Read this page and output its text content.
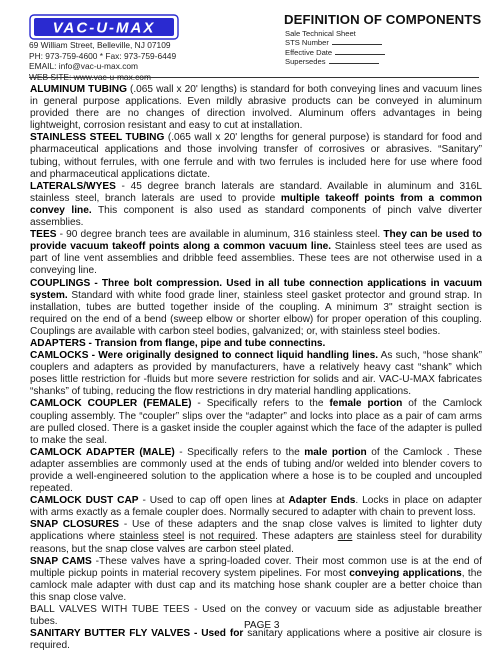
VAC-U-MAX
69 William Street, Belleville, NJ 07109
PH: 973-759-4600 * Fax: 973-759-6449
EMAIL: info@vac-u-max.com
WEB SITE: www.vac-u-max.com
DEFINITION OF COMPONENTS
Sale Technical Sheet
STS Number
Effective Date
Supersedes

ALUMINUM TUBING (.065 wall x 20' lengths) is standard for both conveying lines and vacuum lines in general purpose applications. Even mildly abrasive products can be conveyed in aluminum provided there are no changes of direction involved. Aluminum offers advantages in being lightweight, corrosion resistant and easy to cut at installation.

STAINLESS STEEL TUBING (.065 wall x 20' lengths for general purpose) is standard for food and pharmaceutical applications and those involving transfer of corrosives or abrasives. “Sanitary” tubing, without ferrules, with one ferrule and with two ferrules is included here for use where food and pharmaceutical applications dictate.

LATERALS/WYES - 45 degree branch laterals are standard. Available in aluminum and 316L stainless steel, branch laterals are used to provide multiple takeoff points from a common convey line. This component is also used as standard components of pinch valve diverter assemblies.

TEES - 90 degree branch tees are available in aluminum, 316 stainless steel. They can be used to provide vacuum takeoff points along a common vacuum line. Stainless steel tees are used as part of line vent assemblies and dribble feed assemblies. These tees are not otherwise used in a conveying line.

COUPLINGS - Three bolt compression. Used in all tube connection applications in vacuum system. Standard with white food grade liner, stainless steel gasket protector and ground strap. In installation, tubes are butted together inside of the coupling. A minimum 3" straight section is required on the end of a bend (sweep elbow or shorter elbow) for proper operation of this coupling. Couplings are available with carbon steel bodies, galvanized; or, with stainless steel bodies.

ADAPTERS - Transion from flange, pipe and tube connectins.

CAMLOCKS - Were originally designed to connect liquid handling lines. As such, “hose shank” couplers and adapters as provided by manufacturers, have a relatively heavy cast “shank” which poses little restriction for -fluids but more severe restriction for solids and air. VAC-U-MAX fabricates “shanks” of tubing, reducing the flow restrictions in dry material handling applications.

CAMLOCK COUPLER (FEMALE) - Specifically refers to the female portion of the Camlock coupling assembly. The “coupler” slips over the “adapter” and locks into place as a pair of cam arms are pulled closed. There is a gasket inside the coupler against which the face of the adapter is pulled to make the seal.

CAMLOCK ADAPTER (MALE) - Specifically refers to the male portion of the Camlock . These adapter assemblies are commonly used at the ends of tubing and/or welded into blender covers to provide a well-engineered solution to the application where a hose is to be coupled and uncoupled repeated.

CAMLOCK DUST CAP - Used to cap off open lines at Adapter Ends. Locks in place on adapter with arms exactly as a female coupler does. Normally secured to adapter with chain to prevent loss.

SNAP CLOSURES - Use of these adapters and the snap close valves is limited to lighter duty applications where stainless steel is not required. These adapters are stainless steel for durability reasons, but the snap close valves are carbon steel plated.

SNAP CAMS -These valves have a spring-loaded cover. Their most common use is at the end of multiple pickup points in material recovery system pipelines. For most conveying applications, the camlock male adapter with dust cap and its matching hose shank coupler are a better choice than this snap close valve.

BALL VALVES WITH TUBE TEES - Used on the convey or vacuum side as adjustable breather tubes.

SANITARY BUTTER FLY VALVES - Used for sanitary applications where a positive air closure is required.

PAGE 3
